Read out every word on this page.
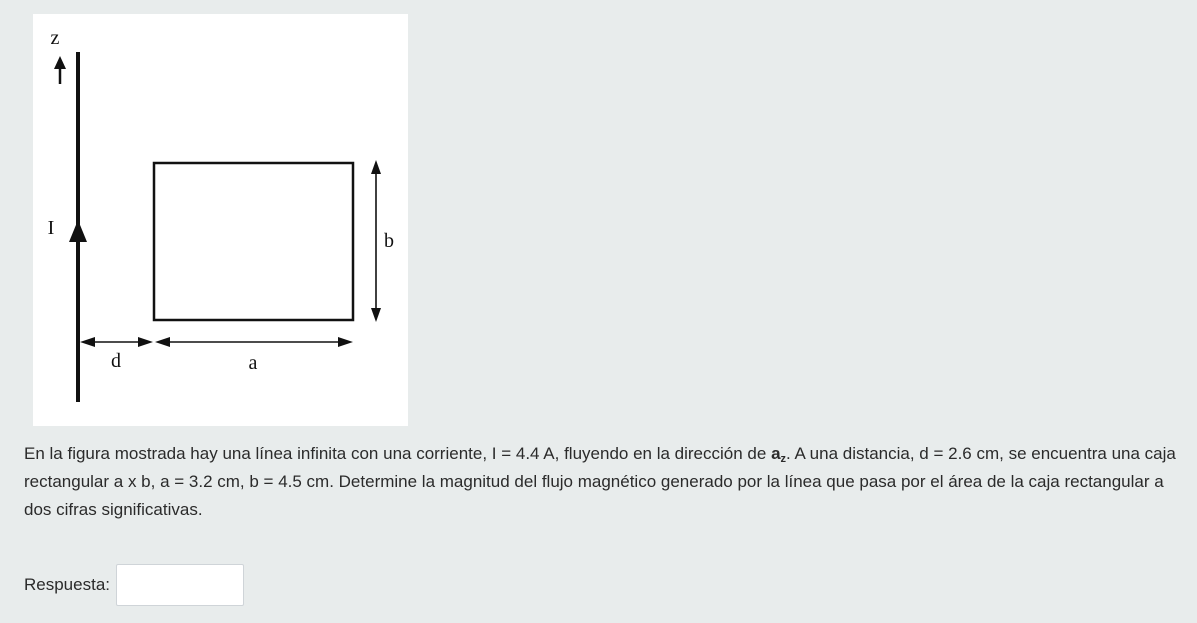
z
I
b
d	a

En la figura mostrada hay una línea infinita con una corriente, I = 4.4 A, fluyendo en la dirección de $a_z$. A una distancia, d = 2.6 cm, se encuentra una caja rectangular a x b, a = 3.2 cm, b = 4.5 cm. Determine la magnitud del flujo magnético generado por la línea que pasa por el área de la caja rectangular a dos cifras significativas.

Respuesta:
